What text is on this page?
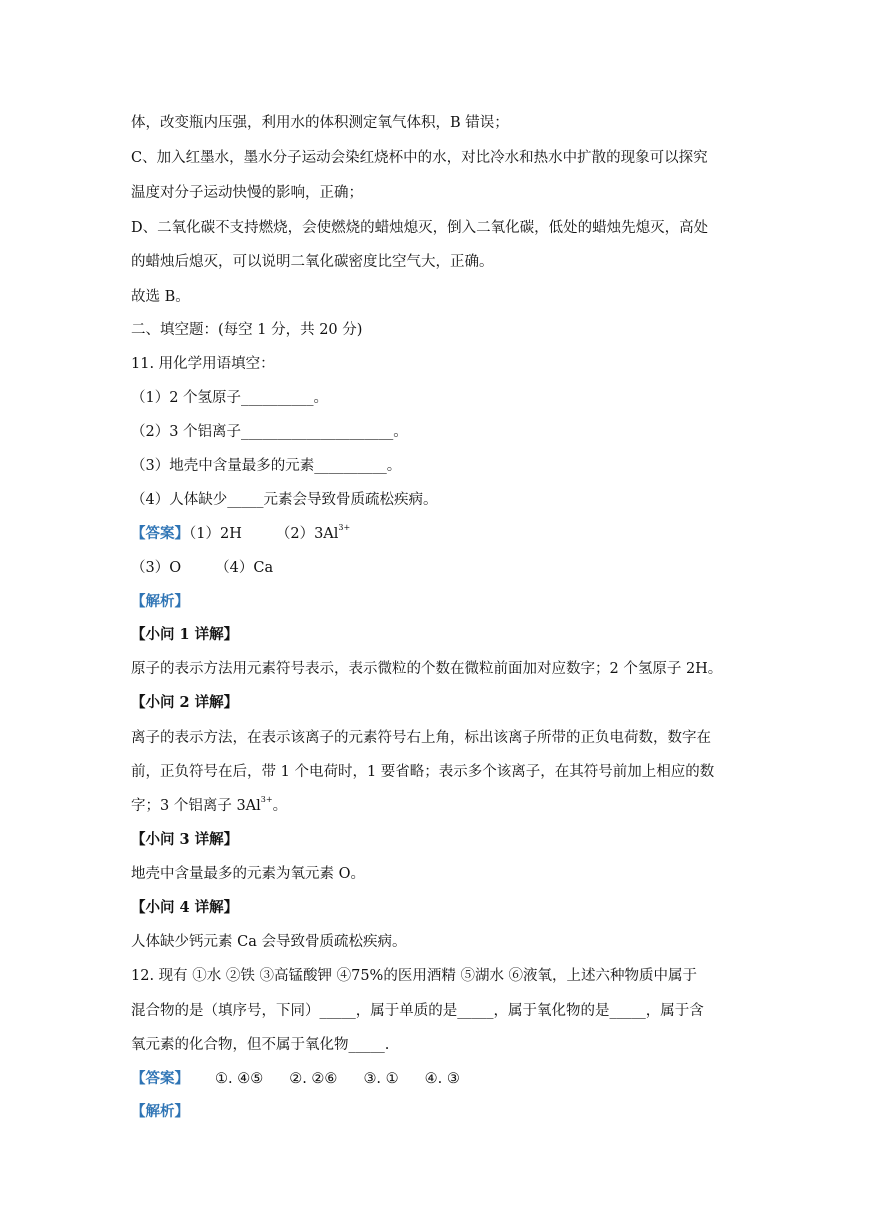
体，改变瓶内压强，利用水的体积测定氧气体积，B 错误；
C、加入红墨水，墨水分子运动会染红烧杯中的水，对比冷水和热水中扩散的现象可以探究
温度对分子运动快慢的影响，正确；
D、二氧化碳不支持燃烧，会使燃烧的蜡烛熄灭，倒入二氧化碳，低处的蜡烛先熄灭，高处
的蜡烛后熄灭，可以说明二氧化碳密度比空气大，正确。
故选 B。
二、填空题：(每空 1 分，共 20 分)
11. 用化学用语填空：
（1）2 个氢原子__________。
（2）3 个铝离子_____________________。
（3）地壳中含量最多的元素__________。
（4）人体缺少_____元素会导致骨质疏松疾病。
【答案】（1）2H $(2)3Al^{3+}$
（3）O （4）Ca
【解析】
【小问 1 详解】
原子的表示方法用元素符号表示，表示微粒的个数在微粒前面加对应数字；2 个氢原子 2H。
【小问 2 详解】
离子的表示方法，在表示该离子的元素符号右上角，标出该离子所带的正负电荷数，数字在
前，正负符号在后，带 1 个电荷时，1 要省略；表示多个该离子，在其符号前加上相应的数
字；3 个铝离子 $3Al^{3+}$。
【小问 3 详解】
地壳中含量最多的元素为氧元素 O。
【小问 4 详解】
人体缺少钙元素 Ca 会导致骨质疏松疾病。
12. 现有 ①水 ②铁 ③高锰酸钾 ④75%的医用酒精 ⑤湖水 ⑥液氧，上述六种物质中属于
混合物的是（填序号，下同）_____，属于单质的是_____，属于氧化物的是_____，属于含
氧元素的化合物，但不属于氧化物_____.
【答案】 ①. ④⑤ ②. ②⑥ ③. ① ④. ③
【解析】
